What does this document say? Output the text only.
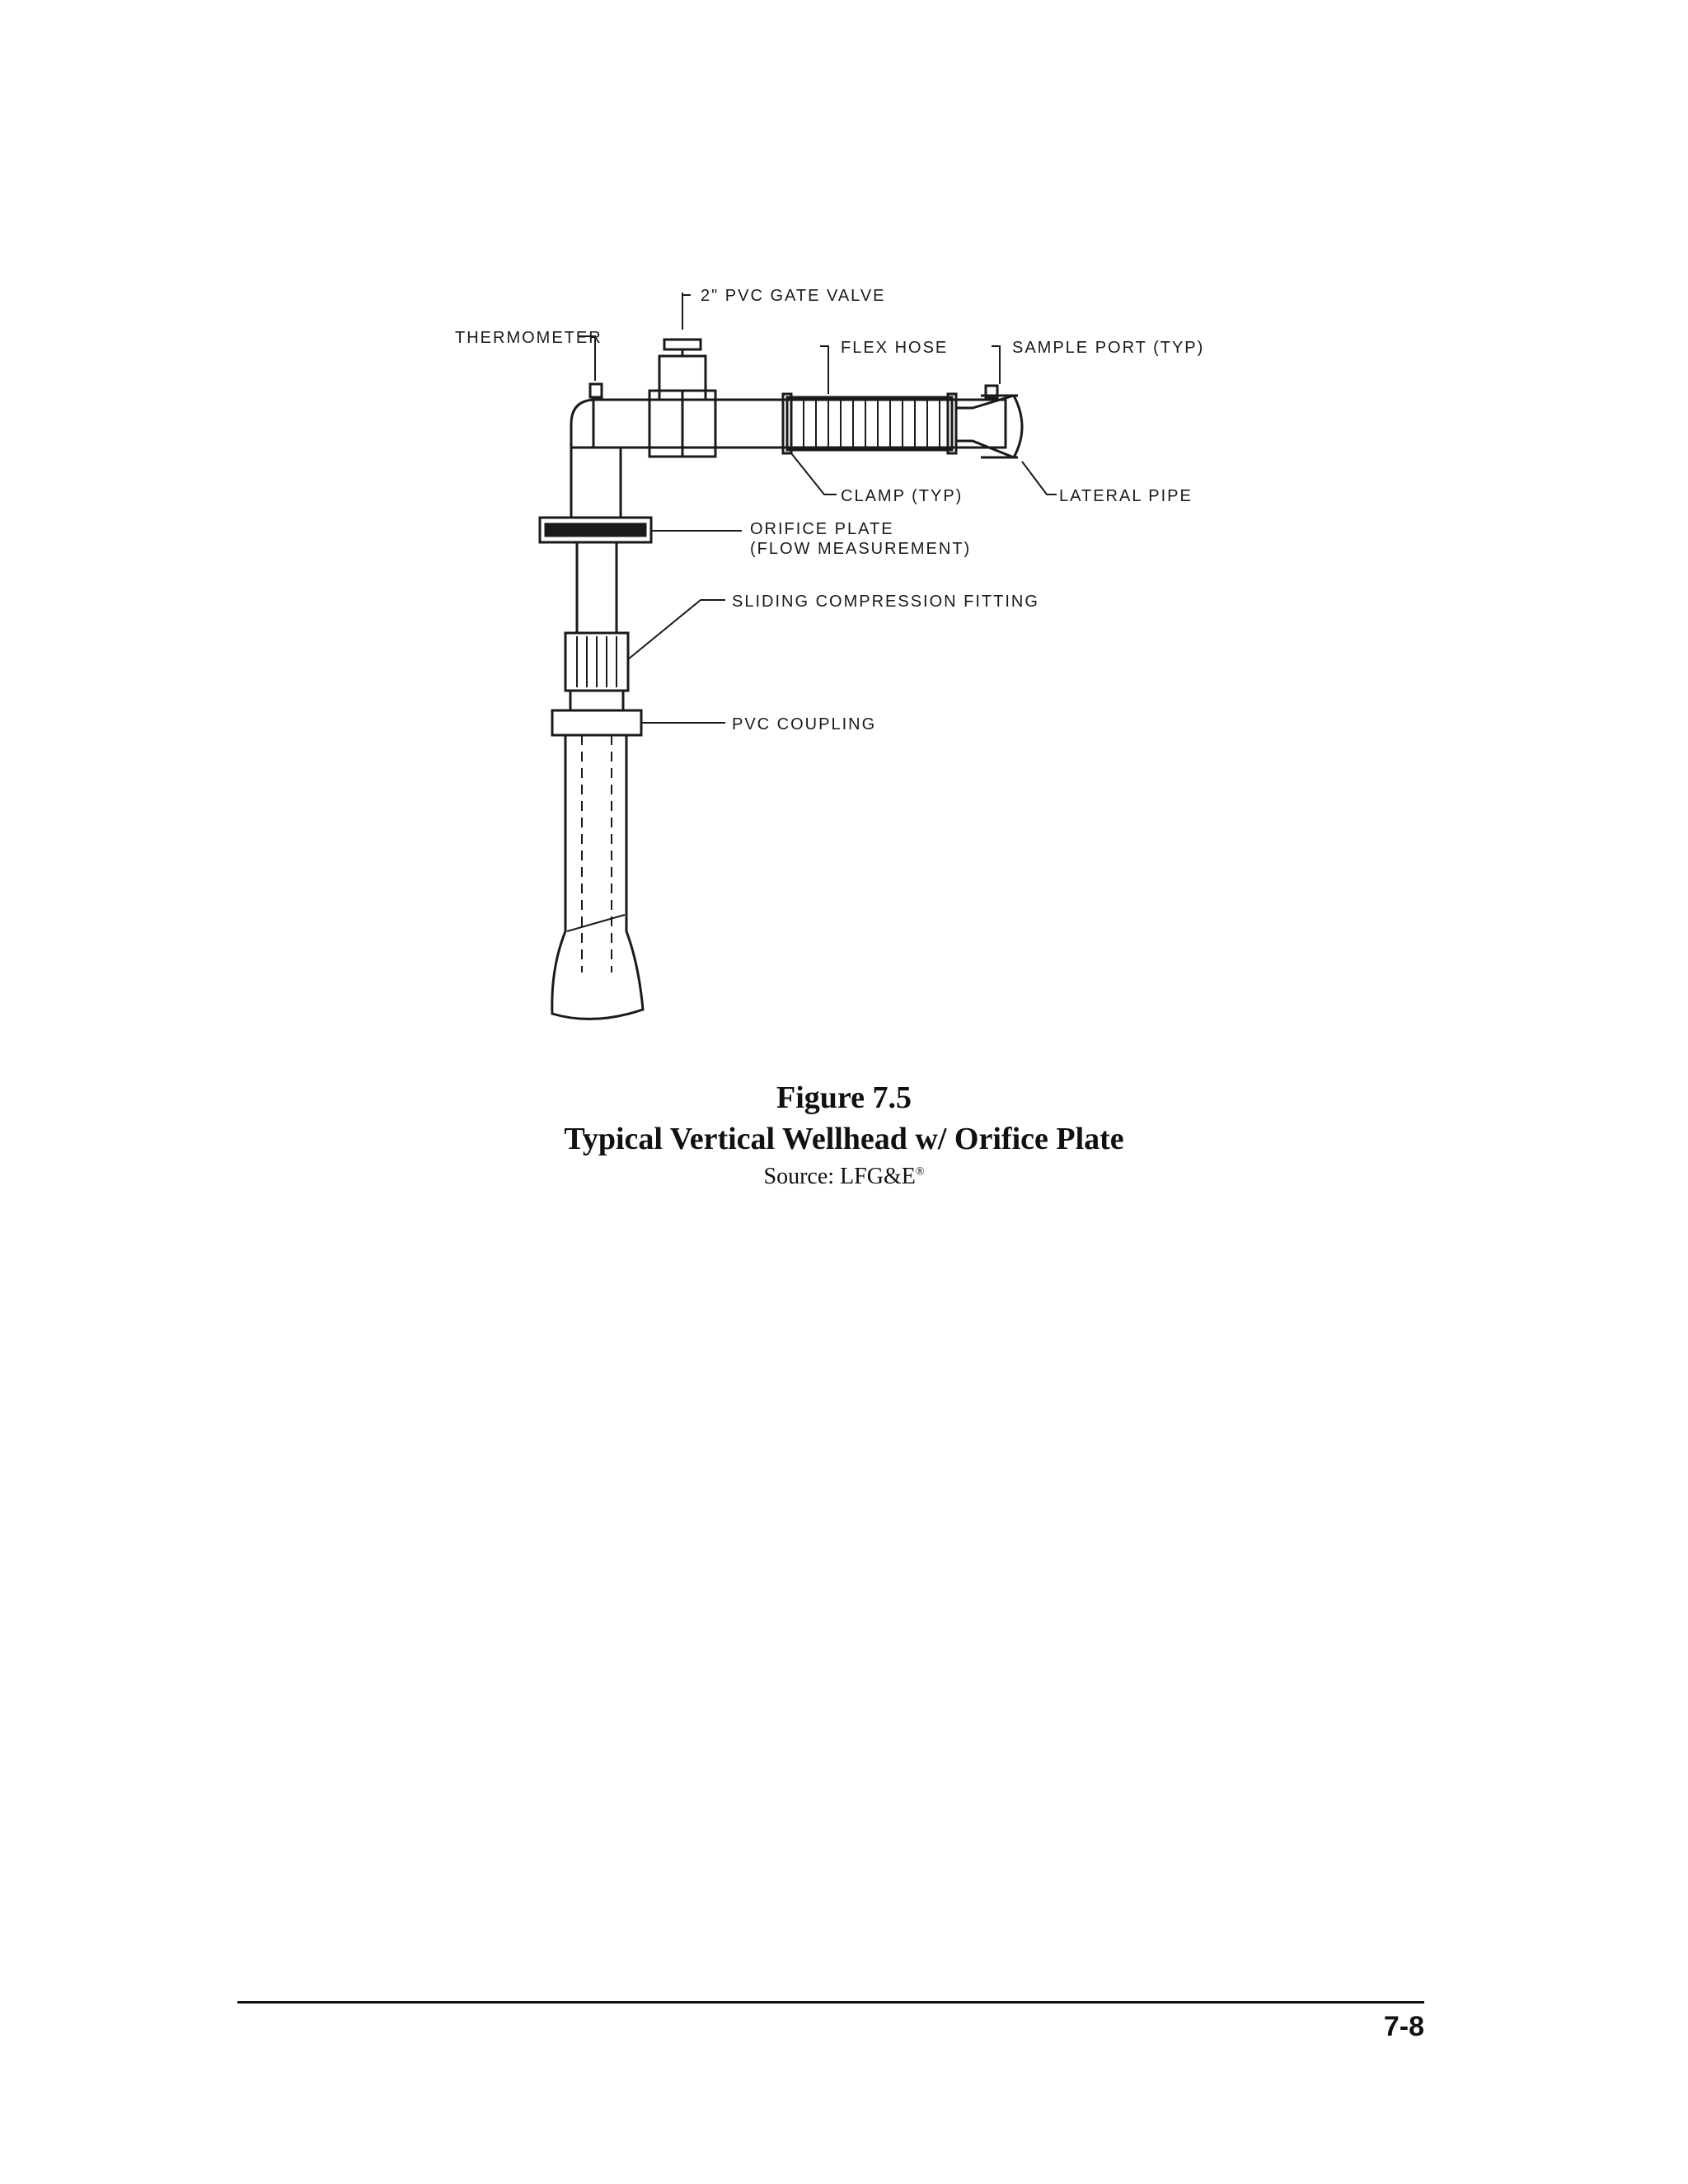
2" PVC GATE VALVE
THERMOMETER
FLEX HOSE	SAMPLE PORT (TYP)
CLAMP (TYP)	LATERAL PIPE
ORIFICE PLATE
(FLOW MEASUREMENT)
SLIDING COMPRESSION FITTING
PVC COUPLING
Figure 7.5
Typical Vertical Wellhead w/ Orifice Plate
Source: LFG&E®
7-8
